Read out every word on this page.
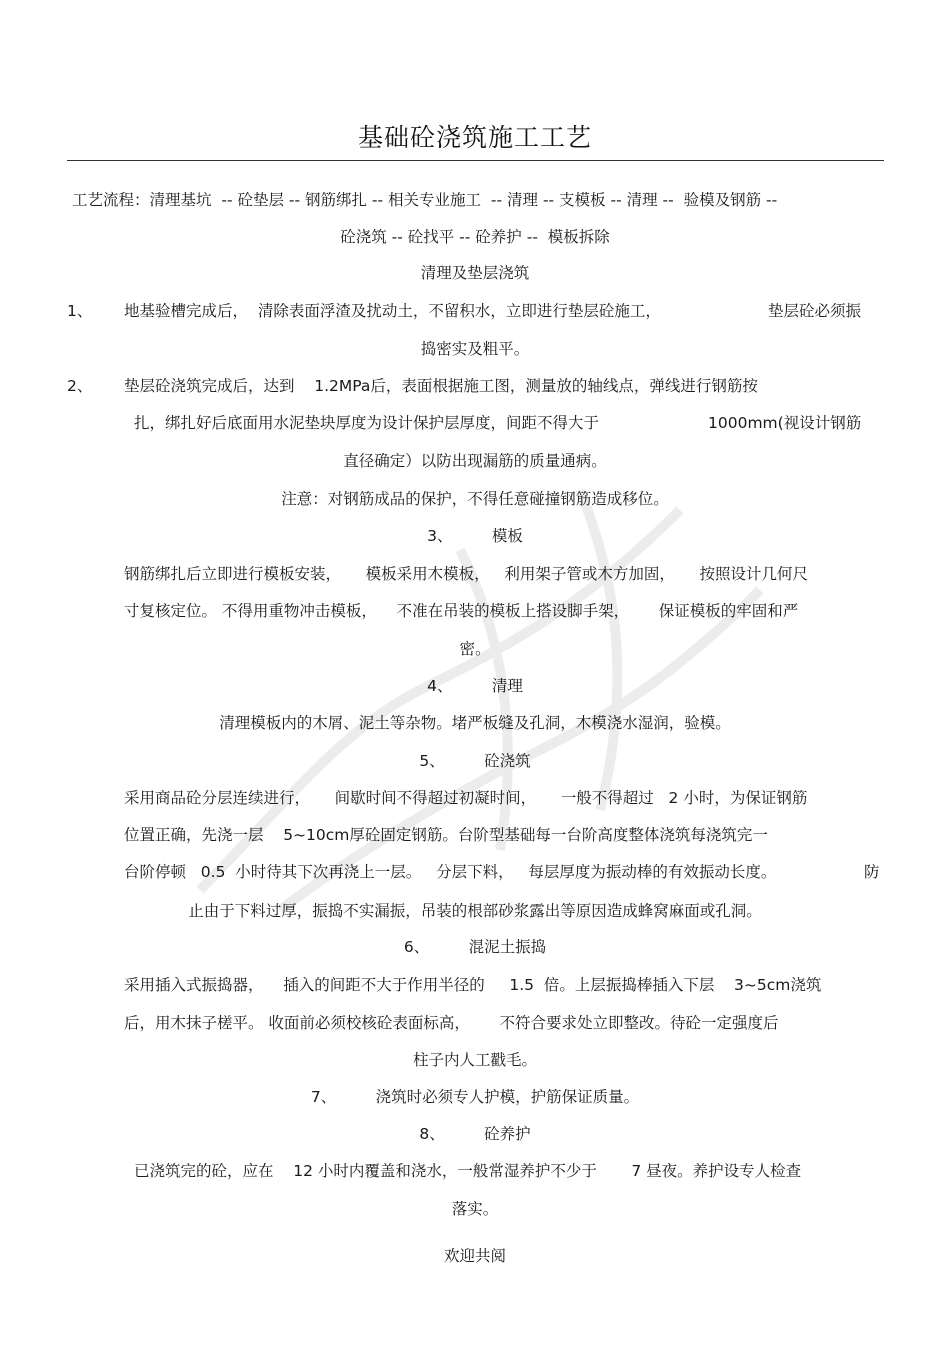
基础砼浇筑施工工艺
工艺流程：清理基坑  -- 砼垫层 -- 钢筋绑扎 -- 相关专业施工  -- 清理 -- 支模板 -- 清理 --  验模及钢筋 --
砼浇筑 -- 砼找平 -- 砼养护 --  模板拆除
清理及垫层浇筑
1、 地基验槽完成后，  清除表面浮渣及扰动土，不留积水，立即进行垫层砼施工，	垫层砼必须振
捣密实及粗平。
2、 垫层砼浇筑完成后，达到    1.2MPa后，表面根据施工图，测量放的轴线点，弹线进行钢筋按
扎，绑扎好后底面用水泥垫块厚度为设计保护层厚度，间距不得大于	1000mm(视设计钢筋
直径确定）以防出现漏筋的质量通病。
注意：对钢筋成品的保护，不得任意碰撞钢筋造成移位。
3、        模板
钢筋绑扎后立即进行模板安装，     模板采用木模板，   利用架子管或木方加固，     按照设计几何尺
寸复核定位。 不得用重物冲击模板，    不准在吊装的模板上搭设脚手架，      保证模板的牢固和严
密。
4、        清理
清理模板内的木屑、泥土等杂物。堵严板缝及孔洞，木模浇水湿润，验模。
5、        砼浇筑
采用商品砼分层连续进行，     间歇时间不得超过初凝时间，     一般不得超过   2 小时，为保证钢筋
位置正确，先浇一层    5~10cm厚砼固定钢筋。台阶型基础每一台阶高度整体浇筑每浇筑完一
台阶停顿   0.5  小时待其下次再浇上一层。   分层下料，   每层厚度为振动棒的有效振动长度。	防
止由于下料过厚，振捣不实漏振，吊装的根部砂浆露出等原因造成蜂窝麻面或孔洞。
6、        混泥土振捣
采用插入式振捣器，    插入的间距不大于作用半径的     1.5  倍。上层振捣棒插入下层    3~5cm浇筑
后，用木抹子槎平。 收面前必须校核砼表面标高，      不符合要求处立即整改。待砼一定强度后
柱子内人工戳毛。
7、        浇筑时必须专人护模，护筋保证质量。
8、        砼养护
已浇筑完的砼，应在    12 小时内覆盖和浇水，一般常湿养护不少于       7 昼夜。养护设专人检查
落实。
欢迎共阅
